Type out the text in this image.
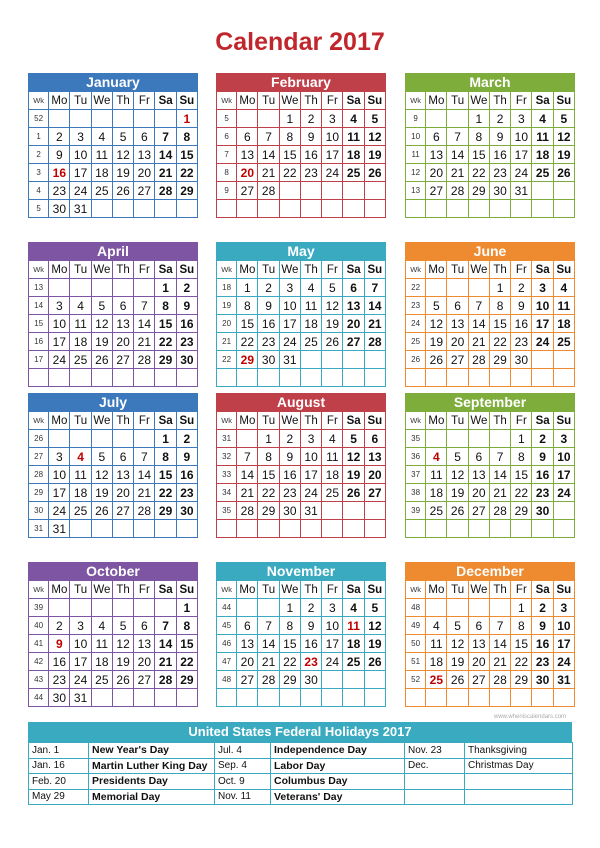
Calendar 2017
January
Wk	Mo	Tu	We	Th	Fr	Sa	Su
52							1
1	2	3	4	5	6	7	8
2	9	10	11	12	13	14	15
3	16	17	18	19	20	21	22
4	23	24	25	26	27	28	29
5	30	31					
February
Wk	Mo	Tu	We	Th	Fr	Sa	Su
5			1	2	3	4	5
6	6	7	8	9	10	11	12
7	13	14	15	16	17	18	19
8	20	21	22	23	24	25	26
9	27	28					

March
Wk	Mo	Tu	We	Th	Fr	Sa	Su
9			1	2	3	4	5
10	6	7	8	9	10	11	12
11	13	14	15	16	17	18	19
12	20	21	22	23	24	25	26
13	27	28	29	30	31		

April
Wk	Mo	Tu	We	Th	Fr	Sa	Su
13						1	2
14	3	4	5	6	7	8	9
15	10	11	12	13	14	15	16
16	17	18	19	20	21	22	23
17	24	25	26	27	28	29	30

May
Wk	Mo	Tu	We	Th	Fr	Sa	Su
18	1	2	3	4	5	6	7
19	8	9	10	11	12	13	14
20	15	16	17	18	19	20	21
21	22	23	24	25	26	27	28
22	29	30	31				

June
Wk	Mo	Tu	We	Th	Fr	Sa	Su
22				1	2	3	4
23	5	6	7	8	9	10	11
24	12	13	14	15	16	17	18
25	19	20	21	22	23	24	25
26	26	27	28	29	30		

July
Wk	Mo	Tu	We	Th	Fr	Sa	Su
26						1	2
27	3	4	5	6	7	8	9
28	10	11	12	13	14	15	16
29	17	18	19	20	21	22	23
30	24	25	26	27	28	29	30
31	31						
August
Wk	Mo	Tu	We	Th	Fr	Sa	Su
31		1	2	3	4	5	6
32	7	8	9	10	11	12	13
33	14	15	16	17	18	19	20
34	21	22	23	24	25	26	27
35	28	29	30	31			

September
Wk	Mo	Tu	We	Th	Fr	Sa	Su
35					1	2	3
36	4	5	6	7	8	9	10
37	11	12	13	14	15	16	17
38	18	19	20	21	22	23	24
39	25	26	27	28	29	30	

October
Wk	Mo	Tu	We	Th	Fr	Sa	Su
39							1
40	2	3	4	5	6	7	8
41	9	10	11	12	13	14	15
42	16	17	18	19	20	21	22
43	23	24	25	26	27	28	29
44	30	31					
November
Wk	Mo	Tu	We	Th	Fr	Sa	Su
44			1	2	3	4	5
45	6	7	8	9	10	11	12
46	13	14	15	16	17	18	19
47	20	21	22	23	24	25	26
48	27	28	29	30			

December
Wk	Mo	Tu	We	Th	Fr	Sa	Su
48					1	2	3
49	4	5	6	7	8	9	10
50	11	12	13	14	15	16	17
51	18	19	20	21	22	23	24
52	25	26	27	28	29	30	31

www.wheniscalendars.com
United States Federal Holidays 2017
Jan. 1	New Year's Day	Jul. 4	Independence Day	Nov. 23	Thanksgiving
Jan. 16	Martin Luther King Day	Sep. 4	Labor Day	Dec.	Christmas Day
Feb. 20	Presidents Day	Oct. 9	Columbus Day		
May 29	Memorial Day	Nov. 11	Veterans' Day		
